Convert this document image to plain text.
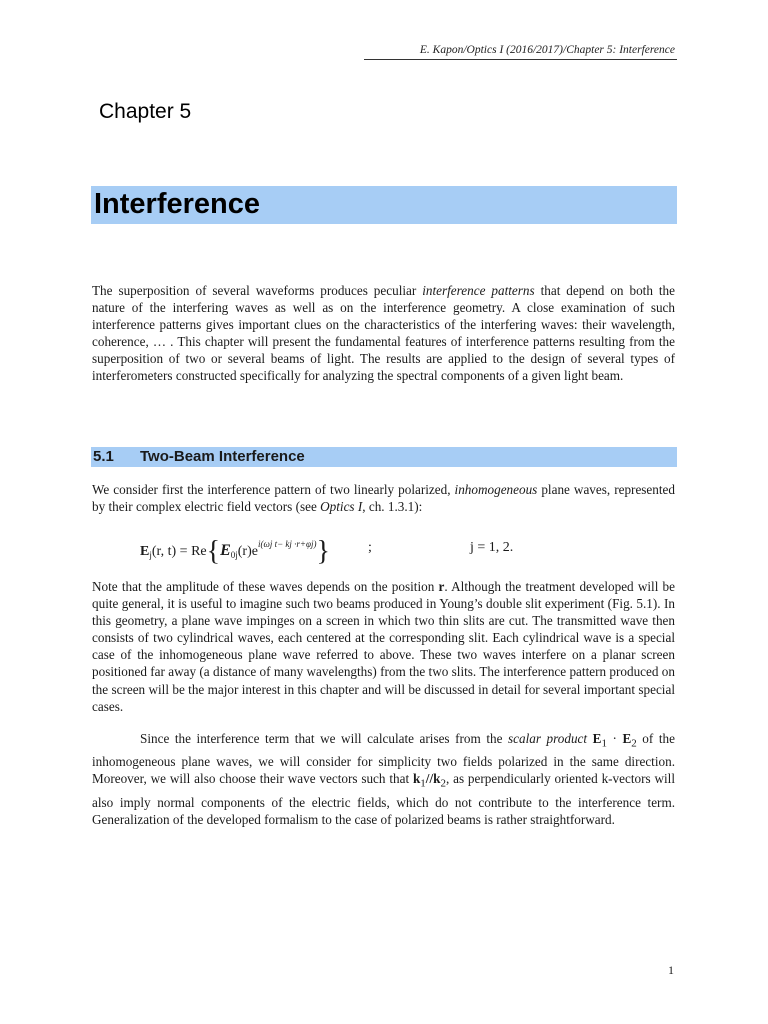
E. Kapon/Optics I (2016/2017)/Chapter 5: Interference
Chapter 5
Interference

The superposition of several waveforms produces peculiar interference patterns that depend on both the nature of the interfering waves as well as on the interference geometry. A close examination of such interference patterns gives important clues on the characteristics of the interfering waves: their wavelength, coherence, … . This chapter will present the fundamental features of interference patterns resulting from the superposition of two or several beams of light. The results are applied to the design of several types of interferometers constructed specifically for analyzing the spectral components of a given light beam.

5.1 Two-Beam Interference

We consider first the interference pattern of two linearly polarized, inhomogeneous plane waves, represented by their complex electric field vectors (see Optics I, ch. 1.3.1):

$E_j(r$, $t) = Re\{E_{0j}(r)e^{i(\omega j t- kj \cdot r+\varphi j)}\}$	;	j = 1, 2.

Note that the amplitude of these waves depends on the position r. Although the treatment developed will be quite general, it is useful to imagine such two beams produced in Young’s double slit experiment (Fig. 5.1). In this geometry, a plane wave impinges on a screen in which two thin slits are cut. The transmitted wave then consists of two cylindrical waves, each centered at the corresponding slit. Each cylindrical wave is a special case of the inhomogeneous plane wave referred to above. These two waves interfere on a planar screen positioned far away (a distance of many wavelengths) from the two slits. The interference pattern produced on the screen will be the major interest in this chapter and will be discussed in detail for several important special cases.

Since the interference term that we will calculate arises from the scalar product $E_1 \cdot E_2$ of the inhomogeneous plane waves, we will consider for simplicity two fields polarized in the same direction. Moreover, we will also choose their wave vectors such that $k_1//k_2$, as perpendicularly oriented k-vectors will also imply normal components of the electric fields, which do not contribute to the interference term. Generalization of the developed formalism to the case of polarized beams is rather straightforward.

1
